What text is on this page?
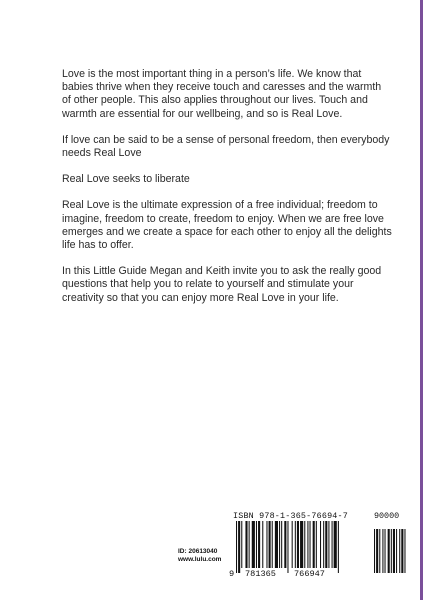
Love is the most important thing in a person’s life. We know that babies thrive when they receive touch and caresses and the warmth of other people. This also applies throughout our lives. Touch and warmth are essential for our wellbeing, and so is Real Love.

If love can be said to be a sense of personal freedom, then everybody needs Real Love

Real Love seeks to liberate

Real Love is the ultimate expression of a free individual; freedom to imagine, freedom to create, freedom to enjoy. When we are free love emerges and we create a space for each other to enjoy all the delights life has to offer.

In this Little Guide Megan and Keith invite you to ask the really good questions that help you to relate to yourself and stimulate your creativity so that you can enjoy more Real Love in your life.

ID: 20613040
www.lulu.com
ISBN 978-1-365-76694-7	90000
9 781365 766947
